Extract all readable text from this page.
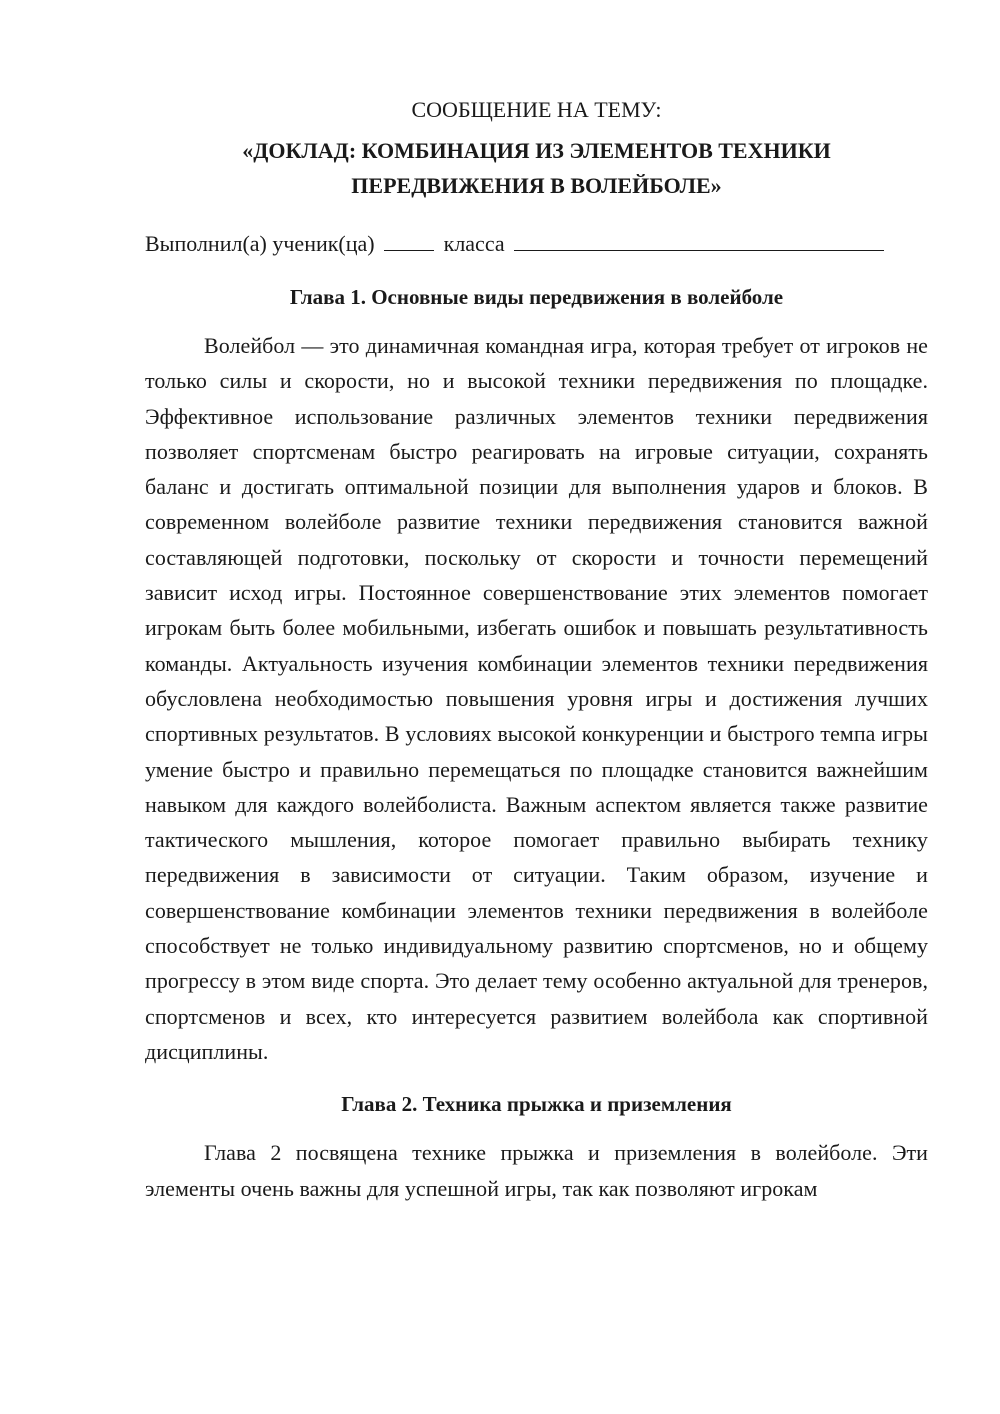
СООБЩЕНИЕ НА ТЕМУ:

«ДОКЛАД: КОМБИНАЦИЯ ИЗ ЭЛЕМЕНТОВ ТЕХНИКИ

ПЕРЕДВИЖЕНИЯ В ВОЛЕЙБОЛЕ»

Выполнил(а) ученик(ца)	класса
Глава 1. Основные виды передвижения в волейболе

Волейбол — это динамичная командная игра, которая требует от игроков не только силы и скорости, но и высокой техники передвижения по площадке. Эффективное использование различных элементов техники передвижения позволяет спортсменам быстро реагировать на игровые ситуации, сохранять баланс и достигать оптимальной позиции для выполнения ударов и блоков. В современном волейболе развитие техники передвижения становится важной составляющей подготовки, поскольку от скорости и точности перемещений зависит исход игры. Постоянное совершенствование этих элементов помогает игрокам быть более мобильными, избегать ошибок и повышать результативность команды. Актуальность изучения комбинации элементов техники передвижения обусловлена необходимостью повышения уровня игры и достижения лучших спортивных результатов. В условиях высокой конкуренции и быстрого темпа игры умение быстро и правильно перемещаться по площадке становится важнейшим навыком для каждого волейболиста. Важным аспектом является также развитие тактического мышления, которое помогает правильно выбирать технику передвижения в зависимости от ситуации. Таким образом, изучение и совершенствование комбинации элементов техники передвижения в волейболе способствует не только индивидуальному развитию спортсменов, но и общему прогрессу в этом виде спорта. Это делает тему особенно актуальной для тренеров, спортсменов и всех, кто интересуется развитием волейбола как спортивной дисциплины.

Глава 2. Техника прыжка и приземления

Глава 2 посвящена технике прыжка и приземления в волейболе. Эти элементы очень важны для успешной игры, так как позволяют игрокам
